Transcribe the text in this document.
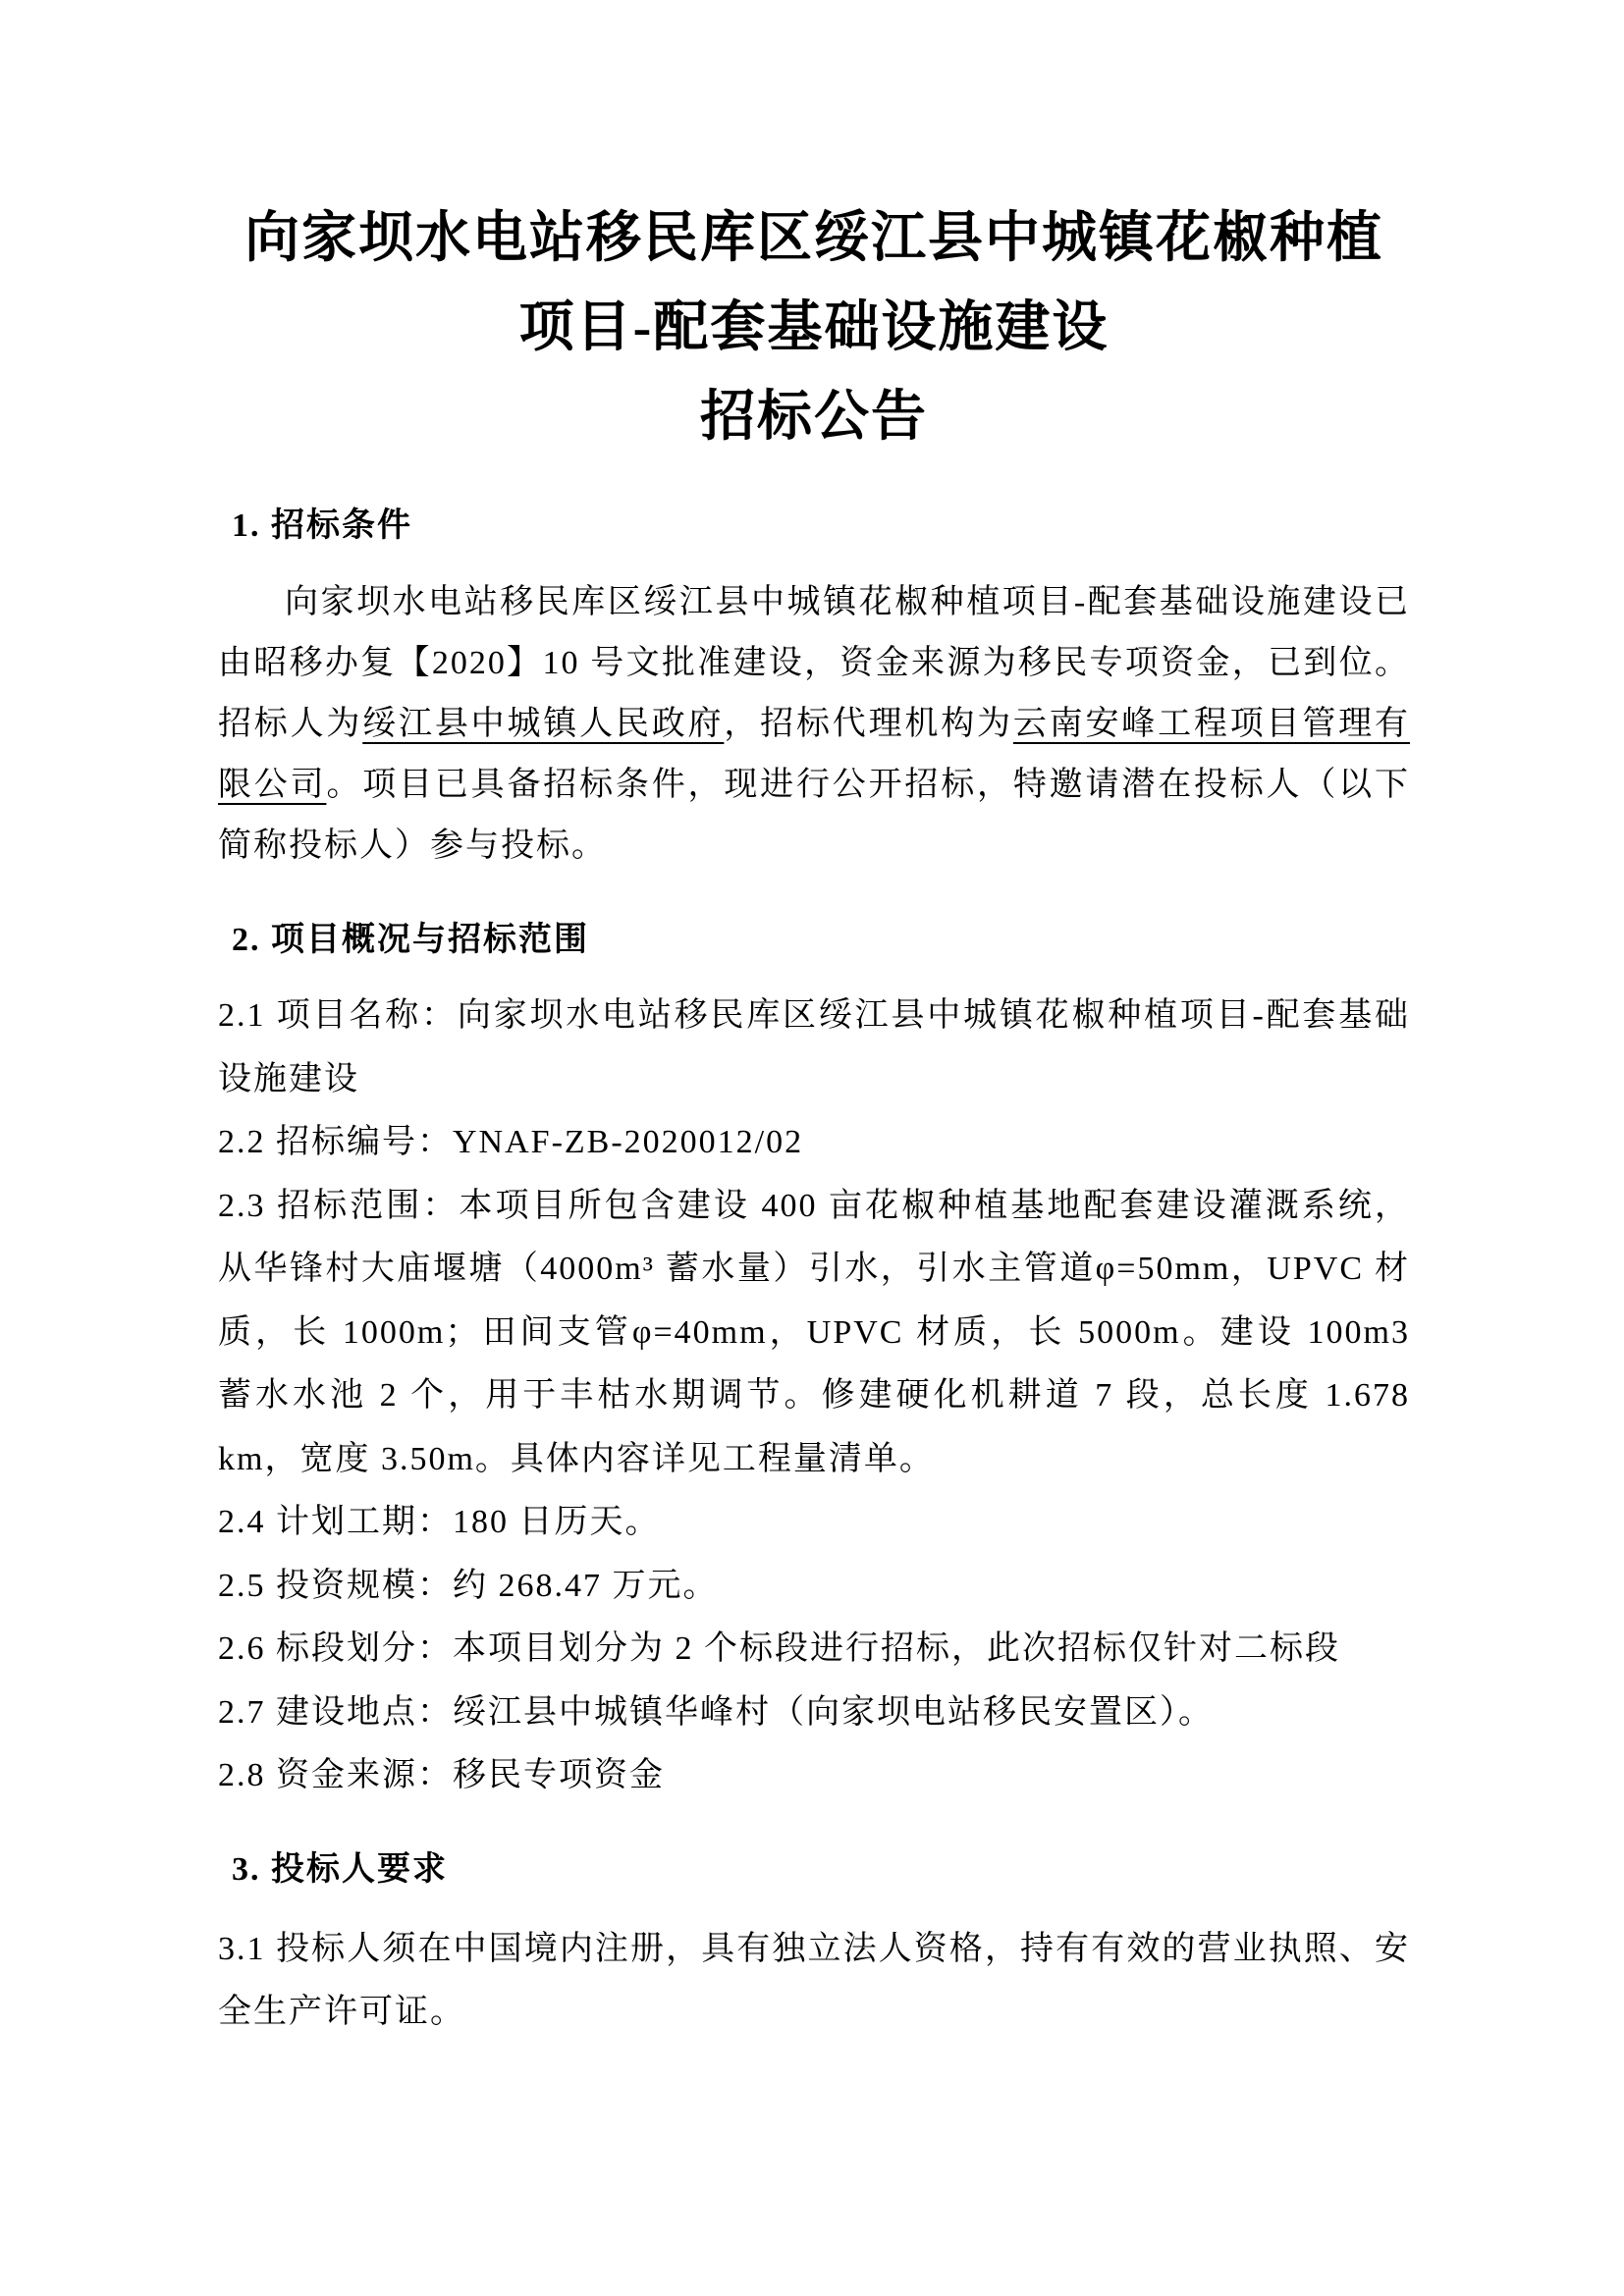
向家坝水电站移民库区绥江县中城镇花椒种植
项目-配套基础设施建设
招标公告
1. 招标条件

向家坝水电站移民库区绥江县中城镇花椒种植项目-配套基础设施建设已由昭移办复【2020】10 号文批准建设，资金来源为移民专项资金，已到位。招标人为绥江县中城镇人民政府，招标代理机构为云南安峰工程项目管理有限公司。项目已具备招标条件，现进行公开招标，特邀请潜在投标人（以下简称投标人）参与投标。

2. 项目概况与招标范围

2.1 项目名称：向家坝水电站移民库区绥江县中城镇花椒种植项目-配套基础设施建设

2.2 招标编号：YNAF-ZB-2020012/02

2.3 招标范围：本项目所包含建设 400 亩花椒种植基地配套建设灌溉系统，从华锋村大庙堰塘（4000m³ 蓄水量）引水，引水主管道φ=50mm，UPVC 材质，长 1000m；田间支管φ=40mm，UPVC 材质，长 5000m。建设 100m3 蓄水水池 2 个，用于丰枯水期调节。修建硬化机耕道 7 段，总长度 1.678 km，宽度 3.50m。具体内容详见工程量清单。

2.4 计划工期：180 日历天。

2.5 投资规模：约 268.47 万元。

2.6 标段划分：本项目划分为 2 个标段进行招标，此次招标仅针对二标段

2.7 建设地点：绥江县中城镇华峰村（向家坝电站移民安置区）。

2.8 资金来源：移民专项资金

3. 投标人要求

3.1 投标人须在中国境内注册，具有独立法人资格，持有有效的营业执照、安全生产许可证。
